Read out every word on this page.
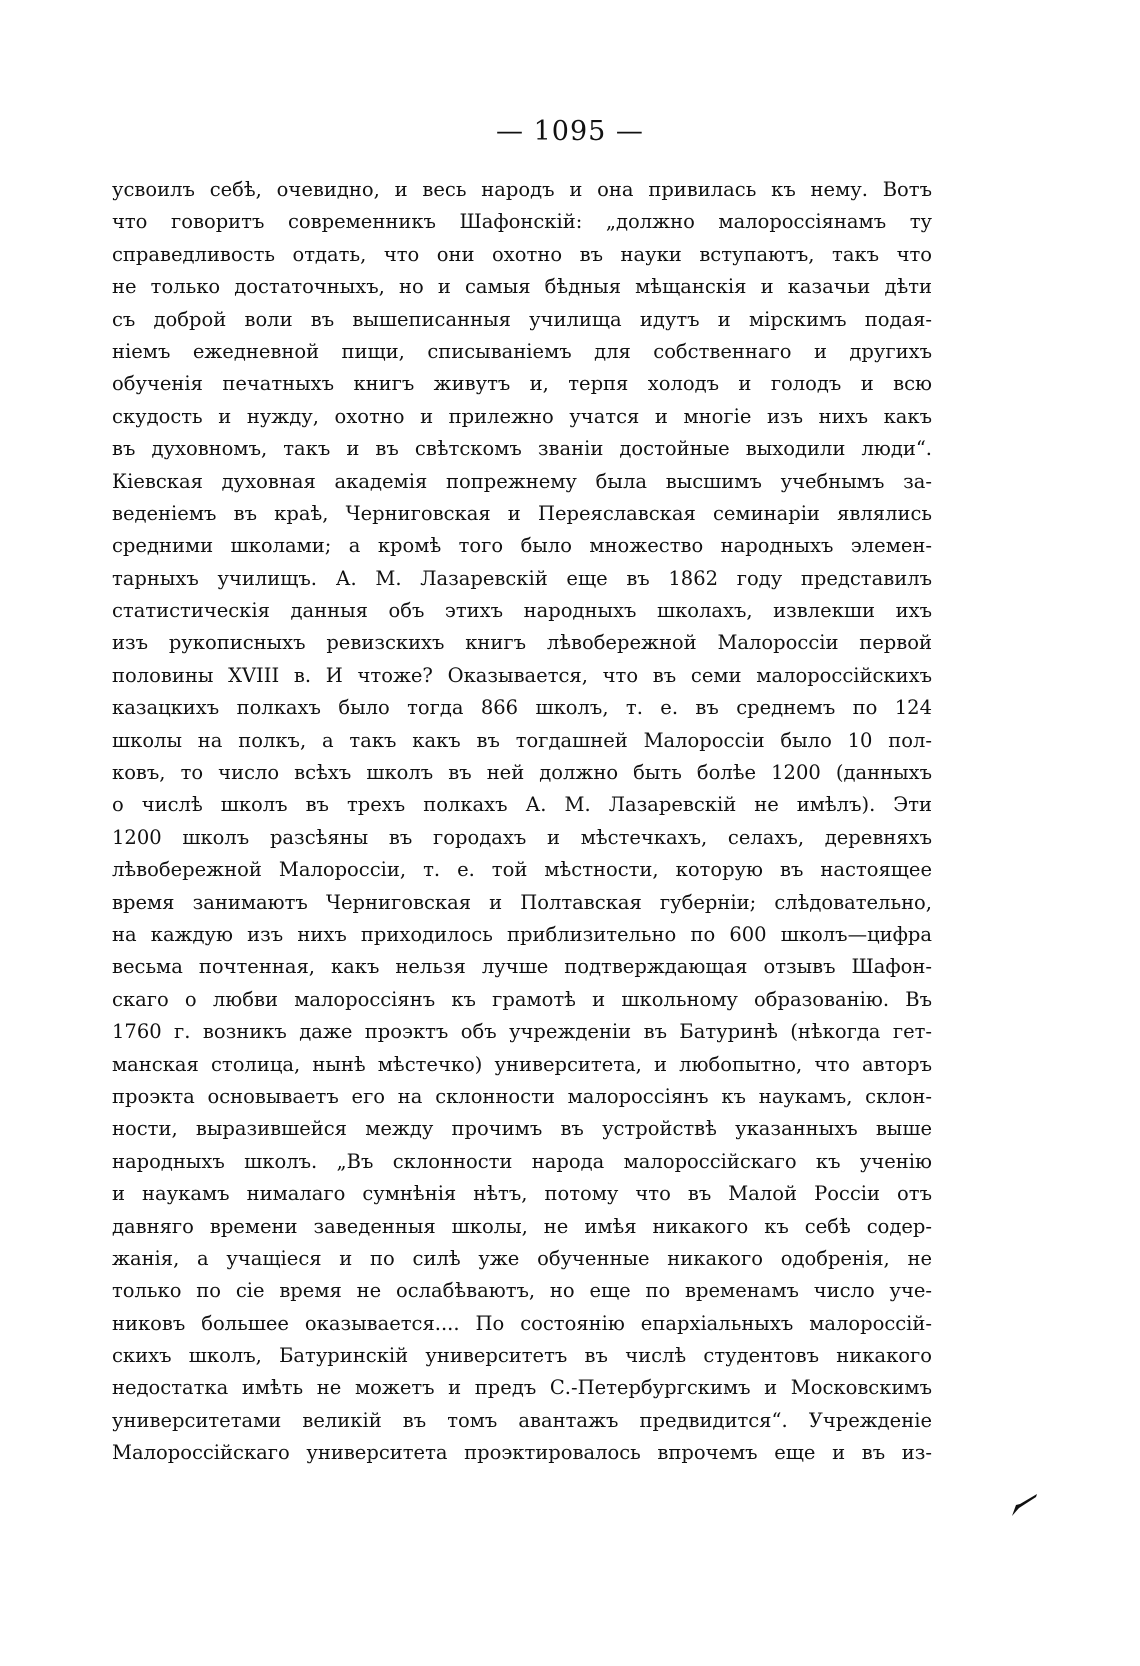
— 1095 —
усвоилъ себѣ, очевидно, и весь народъ и она привилась къ нему. Вотъ
что говоритъ современникъ Шафонскій: „должно малороссіянамъ ту
справедливость отдать, что они охотно въ науки вступаютъ, такъ что
не только достаточныхъ, но и самыя бѣдныя мѣщанскія и казачьи дѣти
съ доброй воли въ вышеписанныя училища идутъ и мірскимъ подая-
ніемъ ежедневной пищи, списываніемъ для собственнаго и другихъ
обученія печатныхъ книгъ живутъ и, терпя холодъ и голодъ и всю
скудость и нужду, охотно и прилежно учатся и многіе изъ нихъ какъ
въ духовномъ, такъ и въ свѣтскомъ званіи достойные выходили люди“.
Кіевская духовная академія попрежнему была высшимъ учебнымъ за-
веденіемъ въ краѣ, Черниговская и Переяславская семинаріи являлись
средними школами; а кромѣ того было множество народныхъ элемен-
тарныхъ училищъ. А. М. Лазаревскій еще въ 1862 году представилъ
статистическія данныя объ этихъ народныхъ школахъ, извлекши ихъ
изъ рукописныхъ ревизскихъ книгъ лѣвобережной Малороссіи первой
половины XVIII в. И чтоже? Оказывается, что въ семи малороссійскихъ
казацкихъ полкахъ было тогда 866 школъ, т. е. въ среднемъ по 124
школы на полкъ, а такъ какъ въ тогдашней Малороссіи было 10 пол-
ковъ, то число всѣхъ школъ въ ней должно быть болѣе 1200 (данныхъ
о числѣ школъ въ трехъ полкахъ А. М. Лазаревскій не имѣлъ). Эти
1200 школъ разсѣяны въ городахъ и мѣстечкахъ, селахъ, деревняхъ
лѣвобережной Малороссіи, т. е. той мѣстности, которую въ настоящее
время занимаютъ Черниговская и Полтавская губерніи; слѣдовательно,
на каждую изъ нихъ приходилось приблизительно по 600 школъ—цифра
весьма почтенная, какъ нельзя лучше подтверждающая отзывъ Шафон-
скаго о любви малороссіянъ къ грамотѣ и школьному образованію. Въ
1760 г. возникъ даже проэктъ объ учрежденіи въ Батуринѣ (нѣкогда гет-
манская столица, нынѣ мѣстечко) университета, и любопытно, что авторъ
проэкта основываетъ его на склонности малороссіянъ къ наукамъ, склон-
ности, выразившейся между прочимъ въ устройствѣ указанныхъ выше
народныхъ школъ. „Въ склонности народа малороссійскаго къ ученію
и наукамъ нималаго сумнѣнія нѣтъ, потому что въ Малой Россіи отъ
давняго времени заведенныя школы, не имѣя никакого къ себѣ содер-
жанія, а учащіеся и по силѣ уже обученные никакого одобренія, не
только по сіе время не ослабѣваютъ, но еще по временамъ число уче-
никовъ большее оказывается.... По состоянію епархіальныхъ малороссій-
скихъ школъ, Батуринскій университетъ въ числѣ студентовъ никакого
недостатка имѣть не можетъ и предъ С.-Петербургскимъ и Московскимъ
университетами великій въ томъ авантажъ предвидится“. Учрежденіе
Малороссійскаго университета проэктировалось впрочемъ еще и въ из-
